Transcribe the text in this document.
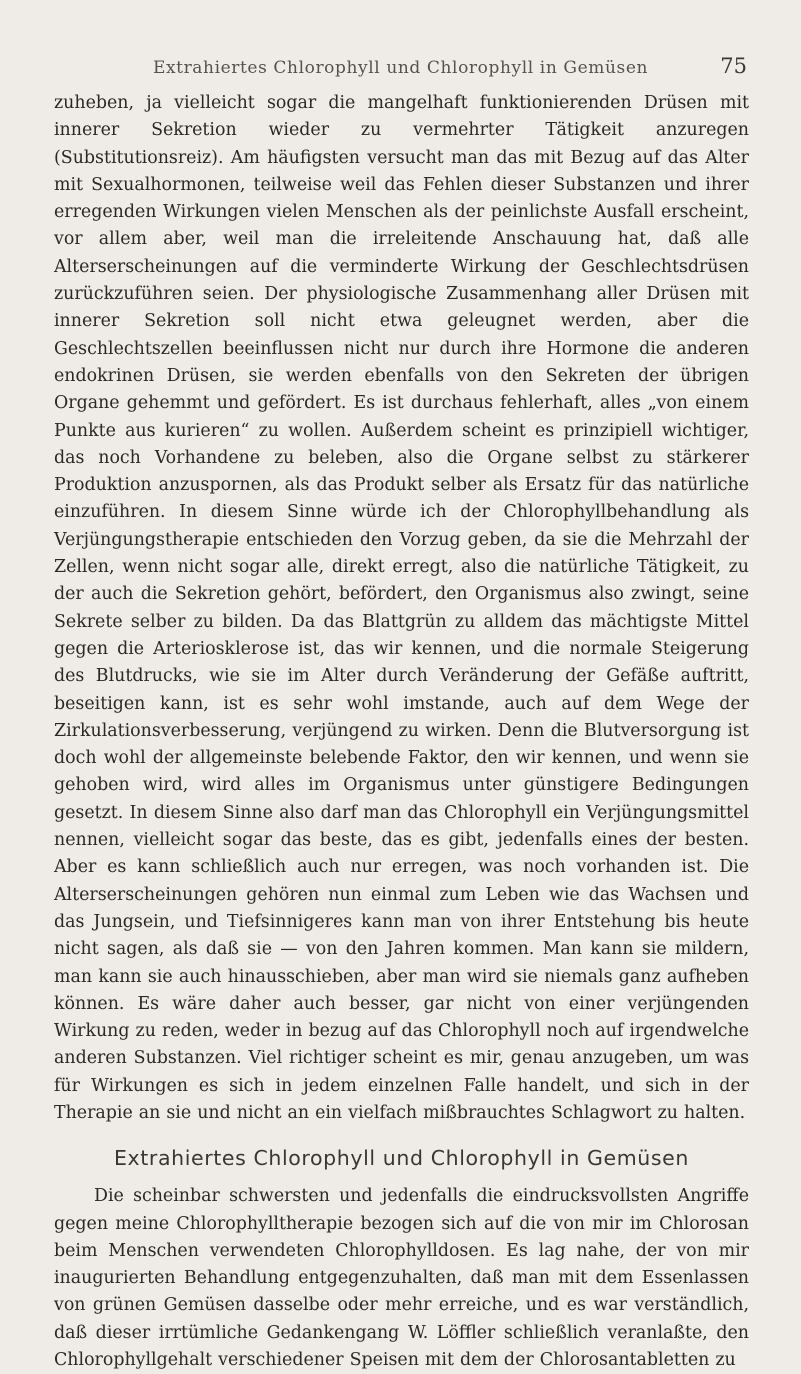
Extrahiertes Chlorophyll und Chlorophyll in Gemüsen	75

zuheben, ja vielleicht sogar die mangelhaft funktionierenden Drüsen mit innerer Sekretion wieder zu vermehrter Tätigkeit anzuregen (Substitutionsreiz). Am häufigsten versucht man das mit Bezug auf das Alter mit Sexualhormonen, teilweise weil das Fehlen dieser Substanzen und ihrer erregenden Wirkungen vielen Menschen als der peinlichste Ausfall erscheint, vor allem aber, weil man die irreleitende Anschauung hat, daß alle Alterserscheinungen auf die verminderte Wirkung der Geschlechtsdrüsen zurückzuführen seien. Der physiologische Zusammenhang aller Drüsen mit innerer Sekretion soll nicht etwa geleugnet werden, aber die Geschlechtszellen beeinflussen nicht nur durch ihre Hormone die anderen endokrinen Drüsen, sie werden ebenfalls von den Sekreten der übrigen Organe gehemmt und gefördert. Es ist durchaus fehlerhaft, alles „von einem Punkte aus kurieren“ zu wollen. Außerdem scheint es prinzipiell wichtiger, das noch Vorhandene zu beleben, also die Organe selbst zu stärkerer Produktion anzuspornen, als das Produkt selber als Ersatz für das natürliche einzuführen. In diesem Sinne würde ich der Chlorophyllbehandlung als Verjüngungstherapie entschieden den Vorzug geben, da sie die Mehrzahl der Zellen, wenn nicht sogar alle, direkt erregt, also die natürliche Tätigkeit, zu der auch die Sekretion gehört, befördert, den Organismus also zwingt, seine Sekrete selber zu bilden. Da das Blattgrün zu alldem das mächtigste Mittel gegen die Arteriosklerose ist, das wir kennen, und die normale Steigerung des Blutdrucks, wie sie im Alter durch Veränderung der Gefäße auftritt, beseitigen kann, ist es sehr wohl imstande, auch auf dem Wege der Zirkulationsverbesserung, verjüngend zu wirken. Denn die Blutversorgung ist doch wohl der allgemeinste belebende Faktor, den wir kennen, und wenn sie gehoben wird, wird alles im Organismus unter günstigere Bedingungen gesetzt. In diesem Sinne also darf man das Chlorophyll ein Verjüngungsmittel nennen, vielleicht sogar das beste, das es gibt, jedenfalls eines der besten. Aber es kann schließlich auch nur erregen, was noch vorhanden ist. Die Alterserscheinungen gehören nun einmal zum Leben wie das Wachsen und das Jungsein, und Tiefsinnigeres kann man von ihrer Entstehung bis heute nicht sagen, als daß sie — von den Jahren kommen. Man kann sie mildern, man kann sie auch hinausschieben, aber man wird sie niemals ganz aufheben können. Es wäre daher auch besser, gar nicht von einer verjüngenden Wirkung zu reden, weder in bezug auf das Chlorophyll noch auf irgendwelche anderen Substanzen. Viel richtiger scheint es mir, genau anzugeben, um was für Wirkungen es sich in jedem einzelnen Falle handelt, und sich in der Therapie an sie und nicht an ein vielfach mißbrauchtes Schlagwort zu halten.

Extrahiertes Chlorophyll und Chlorophyll in Gemüsen

Die scheinbar schwersten und jedenfalls die eindrucksvollsten Angriffe gegen meine Chlorophylltherapie bezogen sich auf die von mir im Chlorosan beim Menschen verwendeten Chlorophylldosen. Es lag nahe, der von mir inaugurierten Behandlung entgegenzuhalten, daß man mit dem Essenlassen von grünen Gemüsen dasselbe oder mehr erreiche, und es war verständlich, daß dieser irrtümliche Gedankengang W. Löffler schließlich veranlaßte, den Chlorophyllgehalt verschiedener Speisen mit dem der Chlorosantabletten zu
